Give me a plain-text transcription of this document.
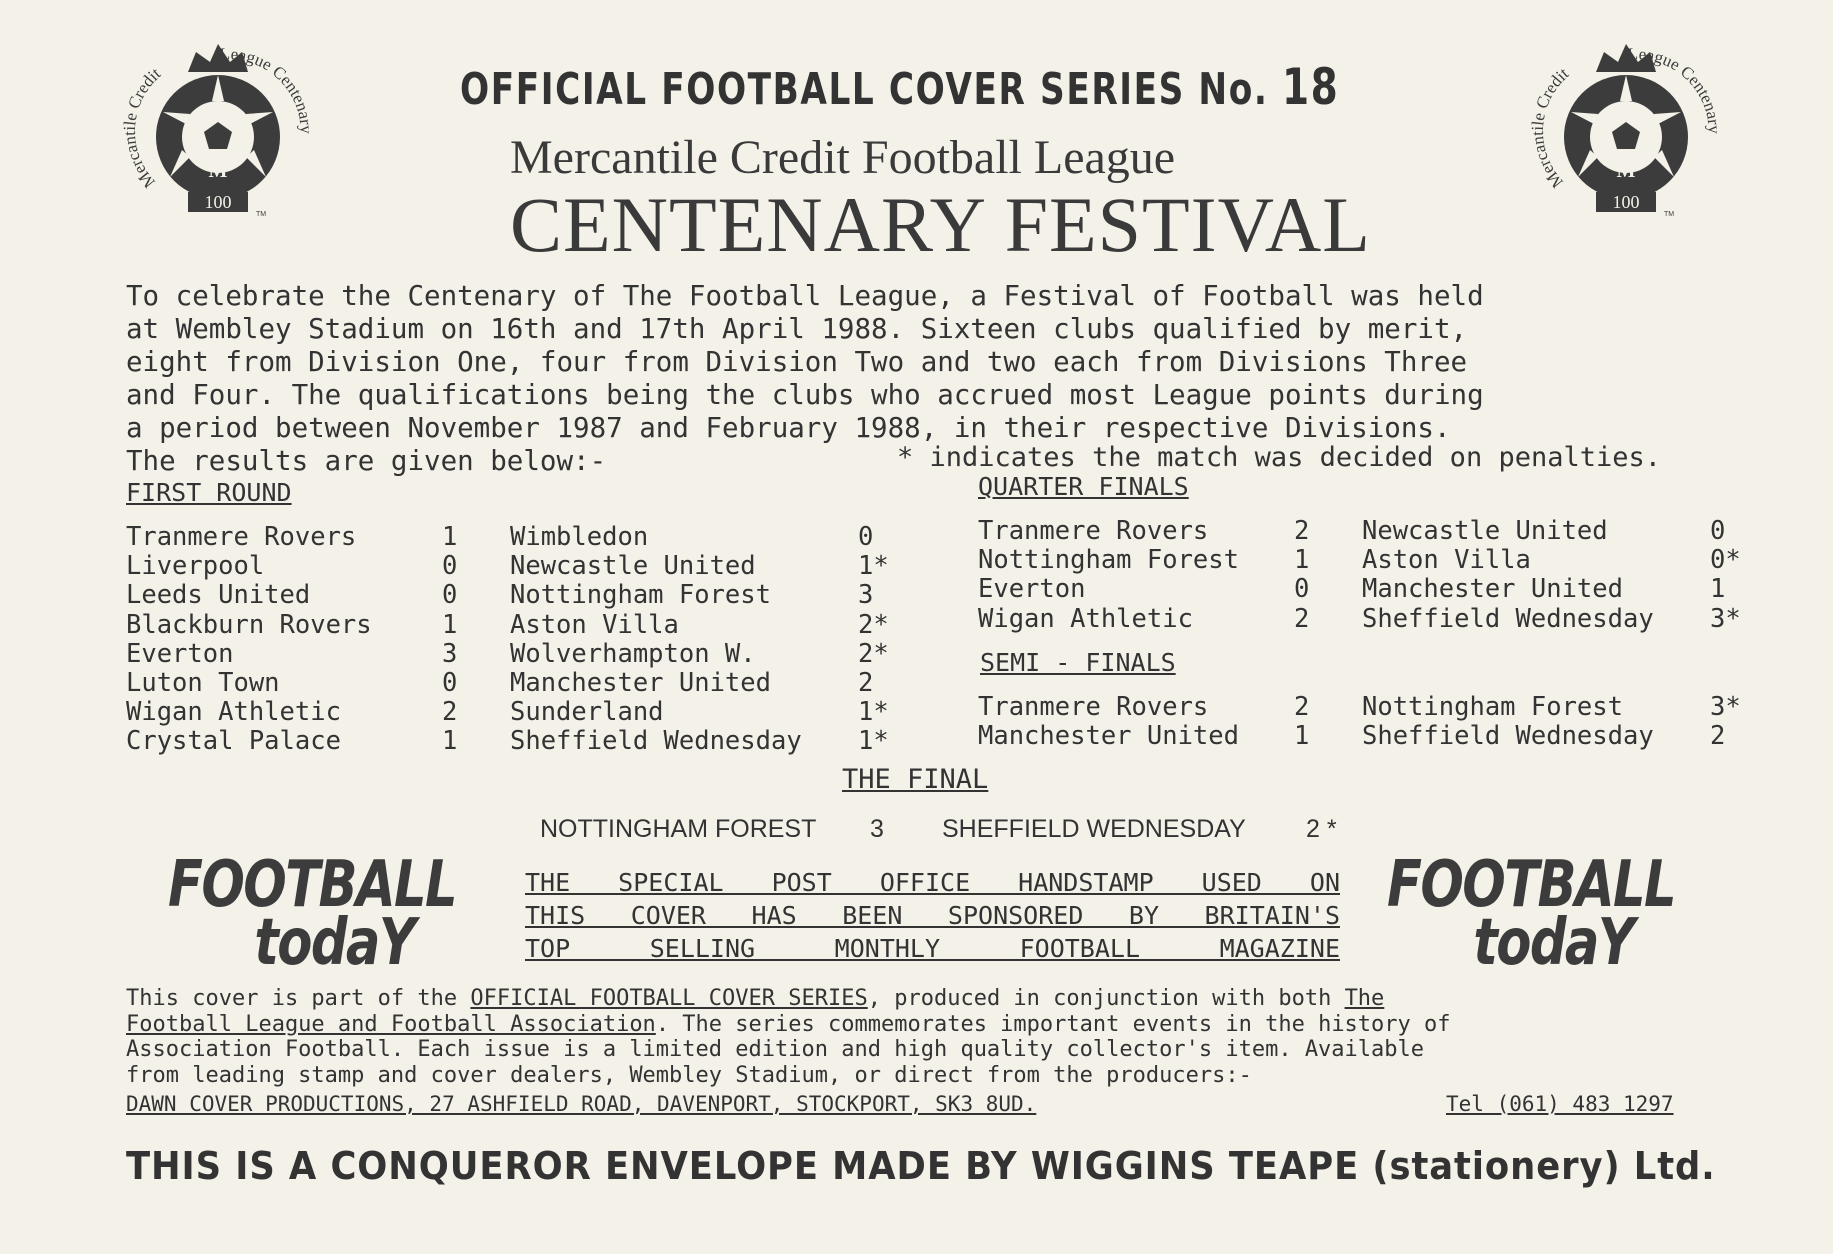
OFFICIAL FOOTBALL COVER SERIES No. 18
Mercantile Credit Football League
CENTENARY FESTIVAL
Mercantile Credit
League Centenary
M
100
TM
Mercantile Credit
League Centenary
M
100
TM
To celebrate the Centenary of The Football League, a Festival of Football was held
at Wembley Stadium on 16th and 17th April 1988. Sixteen clubs qualified by merit,
eight from Division One, four from Division Two and two each from Divisions Three
and Four. The qualifications being the clubs who accrued most League points during
a period between November 1987 and February 1988, in their respective Divisions.
The results are given below:-	* indicates the match was decided on penalties.
FIRST ROUND
Tranmere Rovers	1 Wimbledon	0
Liverpool	0 Newcastle United	1*
Leeds United	0 Nottingham Forest	3
Blackburn Rovers	1 Aston Villa	2*
Everton	3 Wolverhampton W.	2*
Luton Town	0 Manchester United	2
Wigan Athletic	2 Sunderland	1*
Crystal Palace	1 Sheffield Wednesday 1*
QUARTER FINALS
Tranmere Rovers	2 Newcastle United	0
Nottingham Forest 1 Aston Villa	0*
Everton	0 Manchester United	1
Wigan Athletic	2 Sheffield Wednesday 3*
SEMI - FINALS
Tranmere Rovers	2 Nottingham Forest	3*
Manchester United 1 Sheffield Wednesday 2
THE FINAL
NOTTINGHAM FOREST 3 SHEFFIELD WEDNESDAY 2 *
FOOTBALL
todaY
FOOTBALL
todaY
THE SPECIAL POST OFFICE HANDSTAMP USED ON
THIS COVER HAS BEEN SPONSORED BY BRITAIN'S
TOP SELLING MONTHLY FOOTBALL MAGAZINE
This cover is part of the OFFICIAL FOOTBALL COVER SERIES, produced in conjunction with both The
Football League and Football Association. The series commemorates important events in the history of
Association Football. Each issue is a limited edition and high quality collector's item. Available
from leading stamp and cover dealers, Wembley Stadium, or direct from the producers:-
DAWN COVER PRODUCTIONS, 27 ASHFIELD ROAD, DAVENPORT, STOCKPORT, SK3 8UD.	Tel (061) 483 1297
THIS IS A CONQUEROR ENVELOPE MADE BY WIGGINS TEAPE (stationery) Ltd.
